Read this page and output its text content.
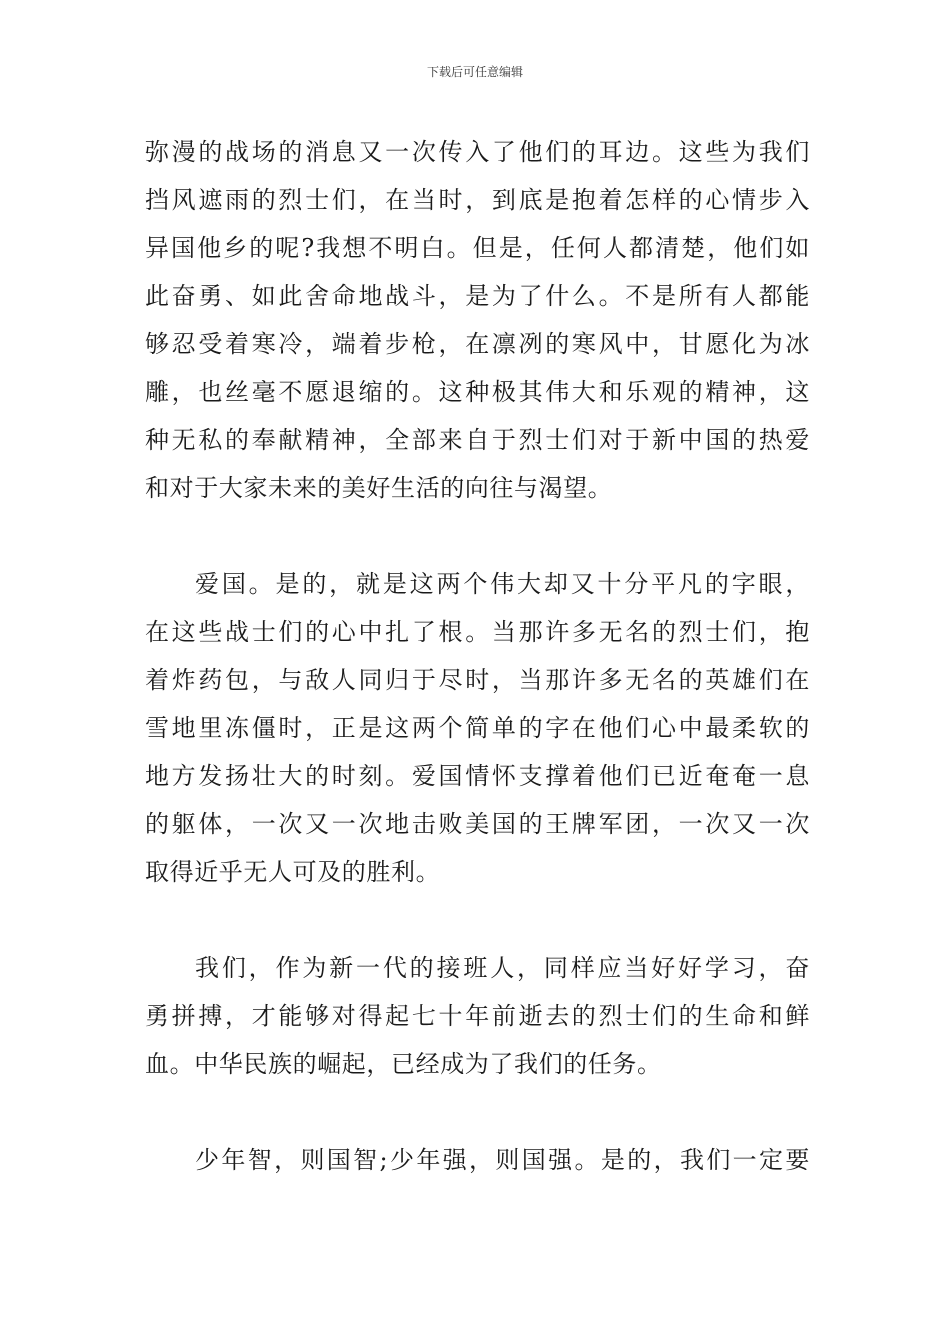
下载后可任意编辑
弥漫的战场的消息又一次传入了他们的耳边。这些为我们
挡风遮雨的烈士们，在当时，到底是抱着怎样的心情步入
异国他乡的呢?我想不明白。但是，任何人都清楚，他们如
此奋勇、如此舍命地战斗，是为了什么。不是所有人都能
够忍受着寒冷，端着步枪，在凛冽的寒风中，甘愿化为冰
雕，也丝毫不愿退缩的。这种极其伟大和乐观的精神，这
种无私的奉献精神，全部来自于烈士们对于新中国的热爱
和对于大家未来的美好生活的向往与渴望。
爱国。是的，就是这两个伟大却又十分平凡的字眼，
在这些战士们的心中扎了根。当那许多无名的烈士们，抱
着炸药包，与敌人同归于尽时，当那许多无名的英雄们在
雪地里冻僵时，正是这两个简单的字在他们心中最柔软的
地方发扬壮大的时刻。爱国情怀支撑着他们已近奄奄一息
的躯体，一次又一次地击败美国的王牌军团，一次又一次
取得近乎无人可及的胜利。
我们，作为新一代的接班人，同样应当好好学习，奋
勇拼搏，才能够对得起七十年前逝去的烈士们的生命和鲜
血。中华民族的崛起，已经成为了我们的任务。
少年智，则国智;少年强，则国强。是的，我们一定要
